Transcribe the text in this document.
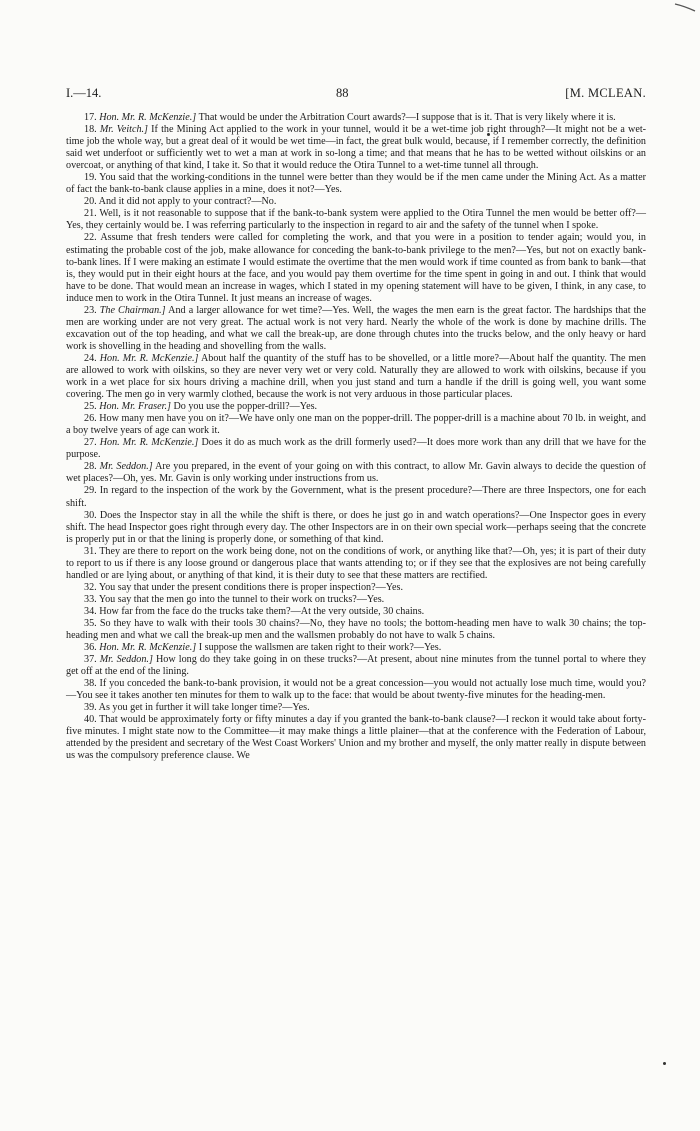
I.—14.	88	[M. MCLEAN.

17. Hon. Mr. R. McKenzie.] That would be under the Arbitration Court awards?—I suppose that is it. That is very likely where it is.

18. Mr. Veitch.] If the Mining Act applied to the work in your tunnel, would it be a wet-time job right through?—It might not be a wet-time job the whole way, but a great deal of it would be wet time—in fact, the great bulk would, because, if I remember correctly, the definition said wet underfoot or sufficiently wet to wet a man at work in so-long a time; and that means that he has to be wetted without oilskins or an overcoat, or anything of that kind, I take it. So that it would reduce the Otira Tunnel to a wet-time tunnel all through.

19. You said that the working-conditions in the tunnel were better than they would be if the men came under the Mining Act. As a matter of fact the bank-to-bank clause applies in a mine, does it not?—Yes.

20. And it did not apply to your contract?—No.

21. Well, is it not reasonable to suppose that if the bank-to-bank system were applied to the Otira Tunnel the men would be better off?—Yes, they certainly would be. I was referring particularly to the inspection in regard to air and the safety of the tunnel when I spoke.

22. Assume that fresh tenders were called for completing the work, and that you were in a position to tender again; would you, in estimating the probable cost of the job, make allowance for conceding the bank-to-bank privilege to the men?—Yes, but not on exactly bank-to-bank lines. If I were making an estimate I would estimate the overtime that the men would work if time counted as from bank to bank—that is, they would put in their eight hours at the face, and you would pay them overtime for the time spent in going in and out. I think that would have to be done. That would mean an increase in wages, which I stated in my opening statement will have to be given, I think, in any case, to induce men to work in the Otira Tunnel. It just means an increase of wages.

23. The Chairman.] And a larger allowance for wet time?—Yes. Well, the wages the men earn is the great factor. The hardships that the men are working under are not very great. The actual work is not very hard. Nearly the whole of the work is done by machine drills. The excavation out of the top heading, and what we call the break-up, are done through chutes into the trucks below, and the only heavy or hard work is shovelling in the heading and shovelling from the walls.

24. Hon. Mr. R. McKenzie.] About half the quantity of the stuff has to be shovelled, or a little more?—About half the quantity. The men are allowed to work with oilskins, so they are never very wet or very cold. Naturally they are allowed to work with oilskins, because if you work in a wet place for six hours driving a machine drill, when you just stand and turn a handle if the drill is going well, you want some covering. The men go in very warmly clothed, because the work is not very arduous in those particular places.

25. Hon. Mr. Fraser.] Do you use the popper-drill?—Yes.

26. How many men have you on it?—We have only one man on the popper-drill. The popper-drill is a machine about 70 lb. in weight, and a boy twelve years of age can work it.

27. Hon. Mr. R. McKenzie.] Does it do as much work as the drill formerly used?—It does more work than any drill that we have for the purpose.

28. Mr. Seddon.] Are you prepared, in the event of your going on with this contract, to allow Mr. Gavin always to decide the question of wet places?—Oh, yes. Mr. Gavin is only working under instructions from us.

29. In regard to the inspection of the work by the Government, what is the present procedure?—There are three Inspectors, one for each shift.

30. Does the Inspector stay in all the while the shift is there, or does he just go in and watch operations?—One Inspector goes in every shift. The head Inspector goes right through every day. The other Inspectors are in on their own special work—perhaps seeing that the concrete is properly put in or that the lining is properly done, or something of that kind.

31. They are there to report on the work being done, not on the conditions of work, or anything like that?—Oh, yes; it is part of their duty to report to us if there is any loose ground or dangerous place that wants attending to; or if they see that the explosives are not being carefully handled or are lying about, or anything of that kind, it is their duty to see that these matters are rectified.

32. You say that under the present conditions there is proper inspection?—Yes.

33. You say that the men go into the tunnel to their work on trucks?—Yes.

34. How far from the face do the trucks take them?—At the very outside, 30 chains.

35. So they have to walk with their tools 30 chains?—No, they have no tools; the bottom-heading men have to walk 30 chains; the top-heading men and what we call the break-up men and the wallsmen probably do not have to walk 5 chains.

36. Hon. Mr. R. McKenzie.] I suppose the wallsmen are taken right to their work?—Yes.

37. Mr. Seddon.] How long do they take going in on these trucks?—At present, about nine minutes from the tunnel portal to where they get off at the end of the lining.

38. If you conceded the bank-to-bank provision, it would not be a great concession—you would not actually lose much time, would you?—You see it takes another ten minutes for them to walk up to the face: that would be about twenty-five minutes for the heading-men.

39. As you get in further it will take longer time?—Yes.

40. That would be approximately forty or fifty minutes a day if you granted the bank-to-bank clause?—I reckon it would take about forty-five minutes. I might state now to the Committee—it may make things a little plainer—that at the conference with the Federation of Labour, attended by the president and secretary of the West Coast Workers' Union and my brother and myself, the only matter really in dispute between us was the compulsory preference clause. We
